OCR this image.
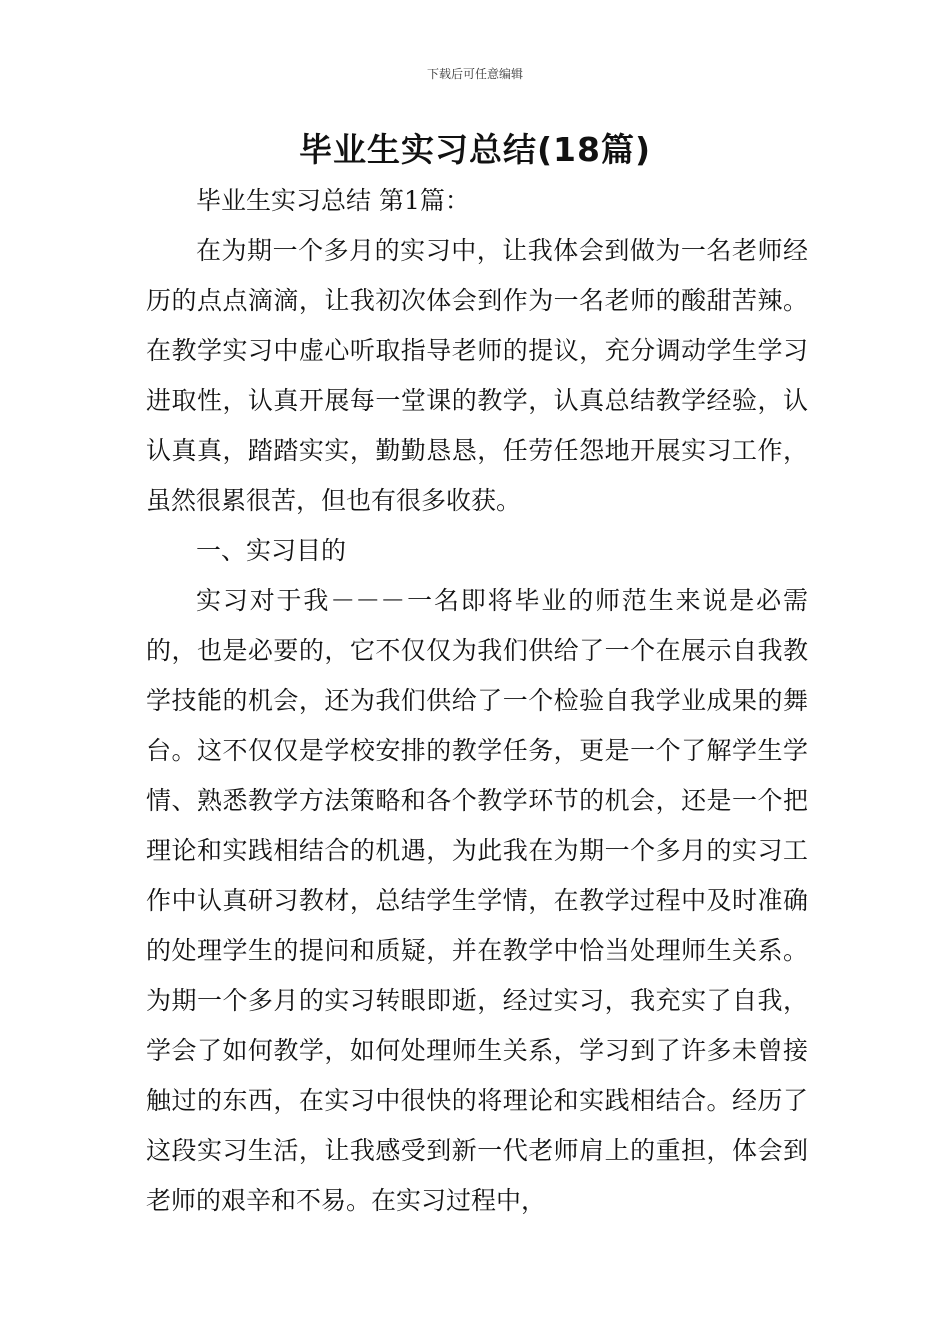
下载后可任意编辑
毕业生实习总结(18篇)

毕业生实习总结 第1篇：

在为期一个多月的实习中，让我体会到做为一名老师经历的点点滴滴，让我初次体会到作为一名老师的酸甜苦辣。在教学实习中虚心听取指导老师的提议，充分调动学生学习进取性，认真开展每一堂课的教学，认真总结教学经验，认认真真，踏踏实实，勤勤恳恳，任劳任怨地开展实习工作，虽然很累很苦，但也有很多收获。

一、实习目的

实习对于我－－－一名即将毕业的师范生来说是必需的，也是必要的，它不仅仅为我们供给了一个在展示自我教学技能的机会，还为我们供给了一个检验自我学业成果的舞台。这不仅仅是学校安排的教学任务，更是一个了解学生学情、熟悉教学方法策略和各个教学环节的机会，还是一个把理论和实践相结合的机遇，为此我在为期一个多月的实习工作中认真研习教材，总结学生学情，在教学过程中及时准确的处理学生的提问和质疑，并在教学中恰当处理师生关系。为期一个多月的实习转眼即逝，经过实习，我充实了自我，学会了如何教学，如何处理师生关系，学习到了许多未曾接触过的东西，在实习中很快的将理论和实践相结合。经历了这段实习生活，让我感受到新一代老师肩上的重担，体会到老师的艰辛和不易。在实习过程中，
